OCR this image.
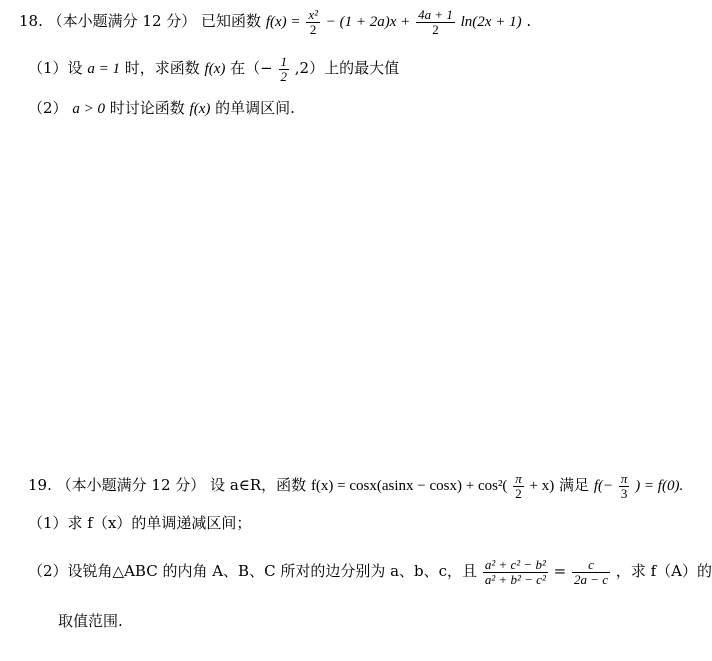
18. （本小题满分 12 分） 已知函数 $f(x) = \frac{\text{x²}}{2} - (1 + 2a)x + \frac{4a + 1}{2} \ln(2x + 1)$ .
（1）设 a = 1 时，求函数 f(x) 在（− $\frac{1}{2} ,2$）上的最大值
（2） a > 0 时讨论函数 f(x) 的单调区间.
19. （本小题满分 12 分） 设 a∈R，函数 $f(x) = \cos x(asinx - \cos x) + \cos^2( \frac{\pi}{2} + x)$ 满足 $f(- \frac{\pi}{3}$ ) = f(0).
（1）求 f（x）的单调递减区间；
（2）设锐角△ABC 的内角 A、B、C 所对的边分别为 a、b、c，且 $\frac{\text{a² + c² − b²}}{\text{a² + b² − c²}} = \frac{c}{2a - c}$ ，求 f（A）的
取值范围.
